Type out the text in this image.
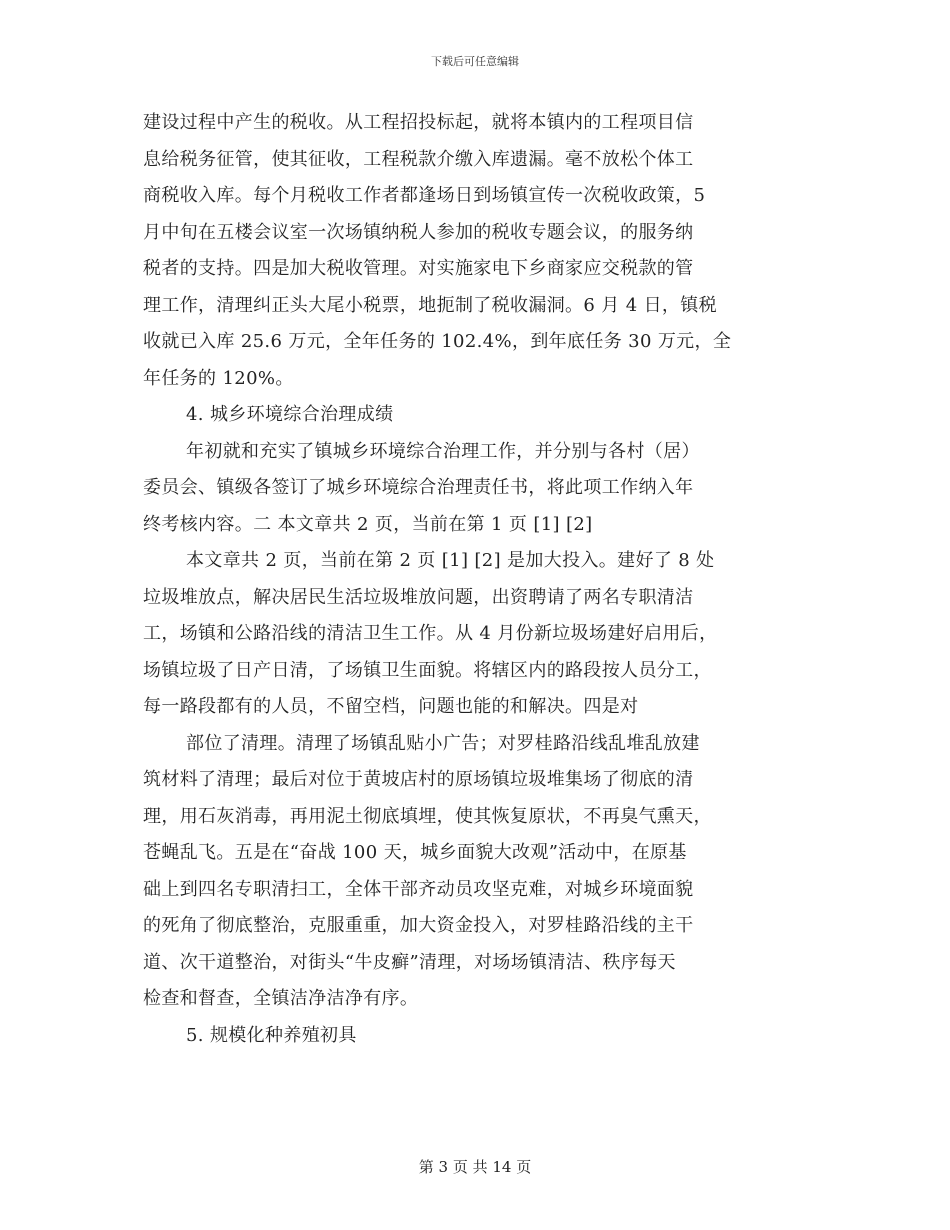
下载后可任意编辑
建设过程中产生的税收。从工程招投标起，就将本镇内的工程项目信
息给税务征管，使其征收，工程税款介缴入库遗漏。毫不放松个体工
商税收入库。每个月税收工作者都逢场日到场镇宣传一次税收政策，5
月中旬在五楼会议室一次场镇纳税人参加的税收专题会议，的服务纳
税者的支持。四是加大税收管理。对实施家电下乡商家应交税款的管
理工作，清理纠正头大尾小税票，地扼制了税收漏洞。6 月 4 日，镇税
收就已入库 25.6 万元，全年任务的 102.4%，到年底任务 30 万元，全
年任务的 120%。
4. 城乡环境综合治理成绩
年初就和充实了镇城乡环境综合治理工作，并分别与各村（居）
委员会、镇级各签订了城乡环境综合治理责任书，将此项工作纳入年
终考核内容。二 本文章共 2 页，当前在第 1 页 [1] [2]
本文章共 2 页，当前在第 2 页 [1] [2] 是加大投入。建好了 8 处
垃圾堆放点，解决居民生活垃圾堆放问题，出资聘请了两名专职清洁
工，场镇和公路沿线的清洁卫生工作。从 4 月份新垃圾场建好启用后，
场镇垃圾了日产日清，了场镇卫生面貌。将辖区内的路段按人员分工，
每一路段都有的人员，不留空档，问题也能的和解决。四是对
部位了清理。清理了场镇乱贴小广告；对罗桂路沿线乱堆乱放建
筑材料了清理；最后对位于黄坡店村的原场镇垃圾堆集场了彻底的清
理，用石灰消毒，再用泥土彻底填埋，使其恢复原状，不再臭气熏天，
苍蝇乱飞。五是在“奋战 100 天，城乡面貌大改观”活动中，在原基
础上到四名专职清扫工，全体干部齐动员攻坚克难，对城乡环境面貌
的死角了彻底整治，克服重重，加大资金投入，对罗桂路沿线的主干
道、次干道整治，对街头“牛皮癣”清理，对场场镇清洁、秩序每天
检查和督查，全镇洁净洁净有序。
5. 规模化种养殖初具
第 3 页 共 14 页
